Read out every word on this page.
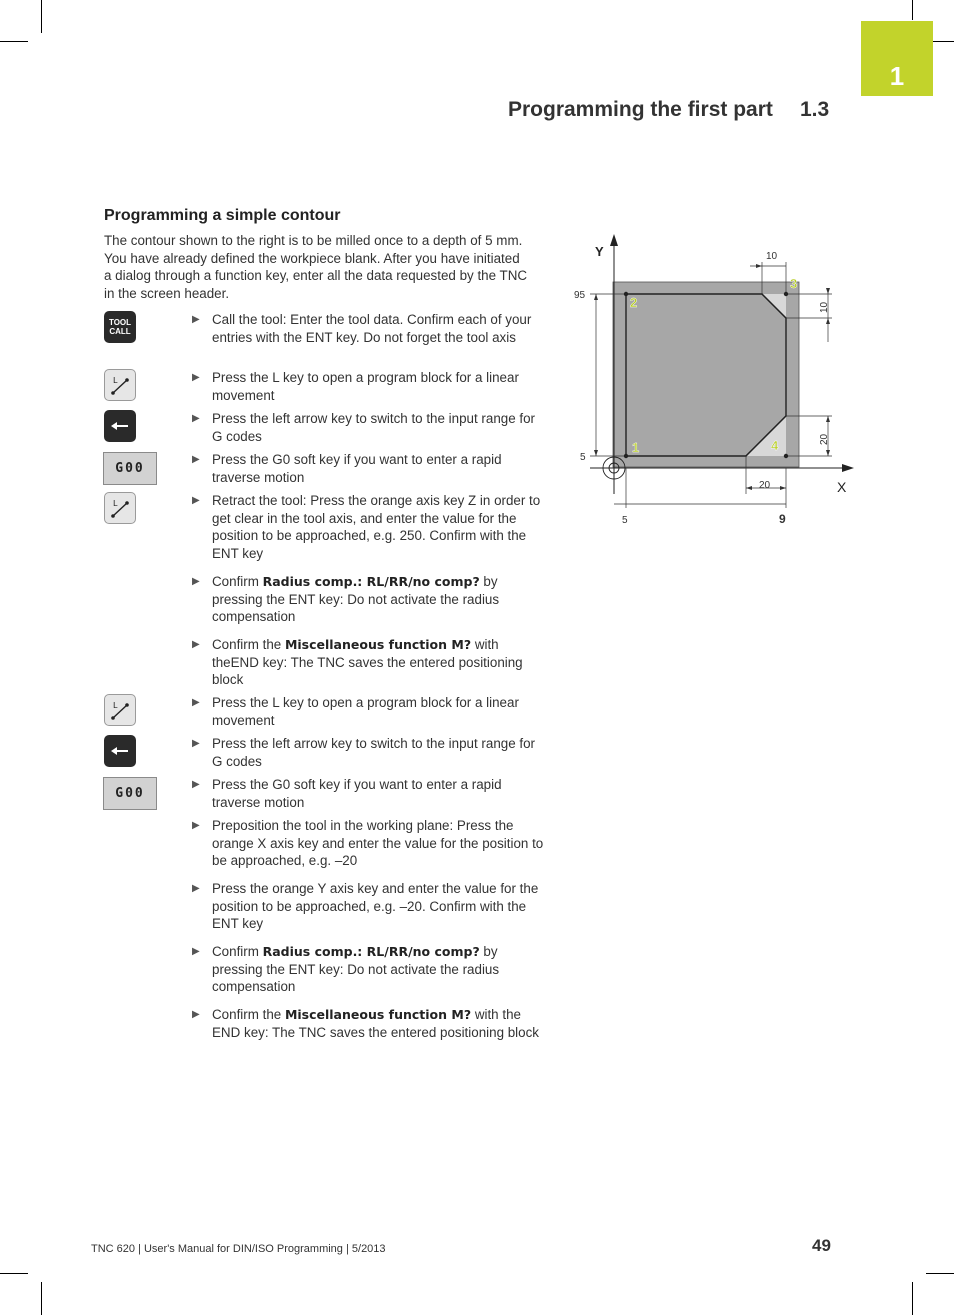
1
Programming the first part 1.3
Programming a simple contour
The contour shown to the right is to be milled once to a depth of 5 mm. You have already defined the workpiece blank. After you have initiated a dialog through a function key, enter all the data requested by the TNC in the screen header.
TOOL
CALL
L
G00
L
L
G00
▶ Call the tool: Enter the tool data. Confirm each of your entries with the ENT key. Do not forget the tool axis
▶ Press the L key to open a program block for a linear movement
▶ Press the left arrow key to switch to the input range for G codes
▶ Press the G0 soft key if you want to enter a rapid traverse motion
▶ Retract the tool: Press the orange axis key Z in order to get clear in the tool axis, and enter the value for the position to be approached, e.g. 250. Confirm with the ENT key
▶ Confirm Radius comp.: RL/RR/no comp? by pressing the ENT key: Do not activate the radius compensation
▶ Confirm the Miscellaneous function M? with theEND key: The TNC saves the entered positioning block
▶ Press the L key to open a program block for a linear movement
▶ Press the left arrow key to switch to the input range for G codes
▶ Press the G0 soft key if you want to enter a rapid traverse motion
▶ Preposition the tool in the working plane: Press the orange X axis key and enter the value for the position to be approached, e.g. –20
▶ Press the orange Y axis key and enter the value for the position to be approached, e.g. –20. Confirm with the ENT key
▶ Confirm Radius comp.: RL/RR/no comp? by pressing the ENT key: Do not activate the radius compensation
▶ Confirm the Miscellaneous function M? with the END key: The TNC saves the entered positioning block
Y
X
10
95
5
5	9
20
10
20
1
2
3
4
TNC 620 | User's Manual for DIN/ISO Programming | 5/2013	49
